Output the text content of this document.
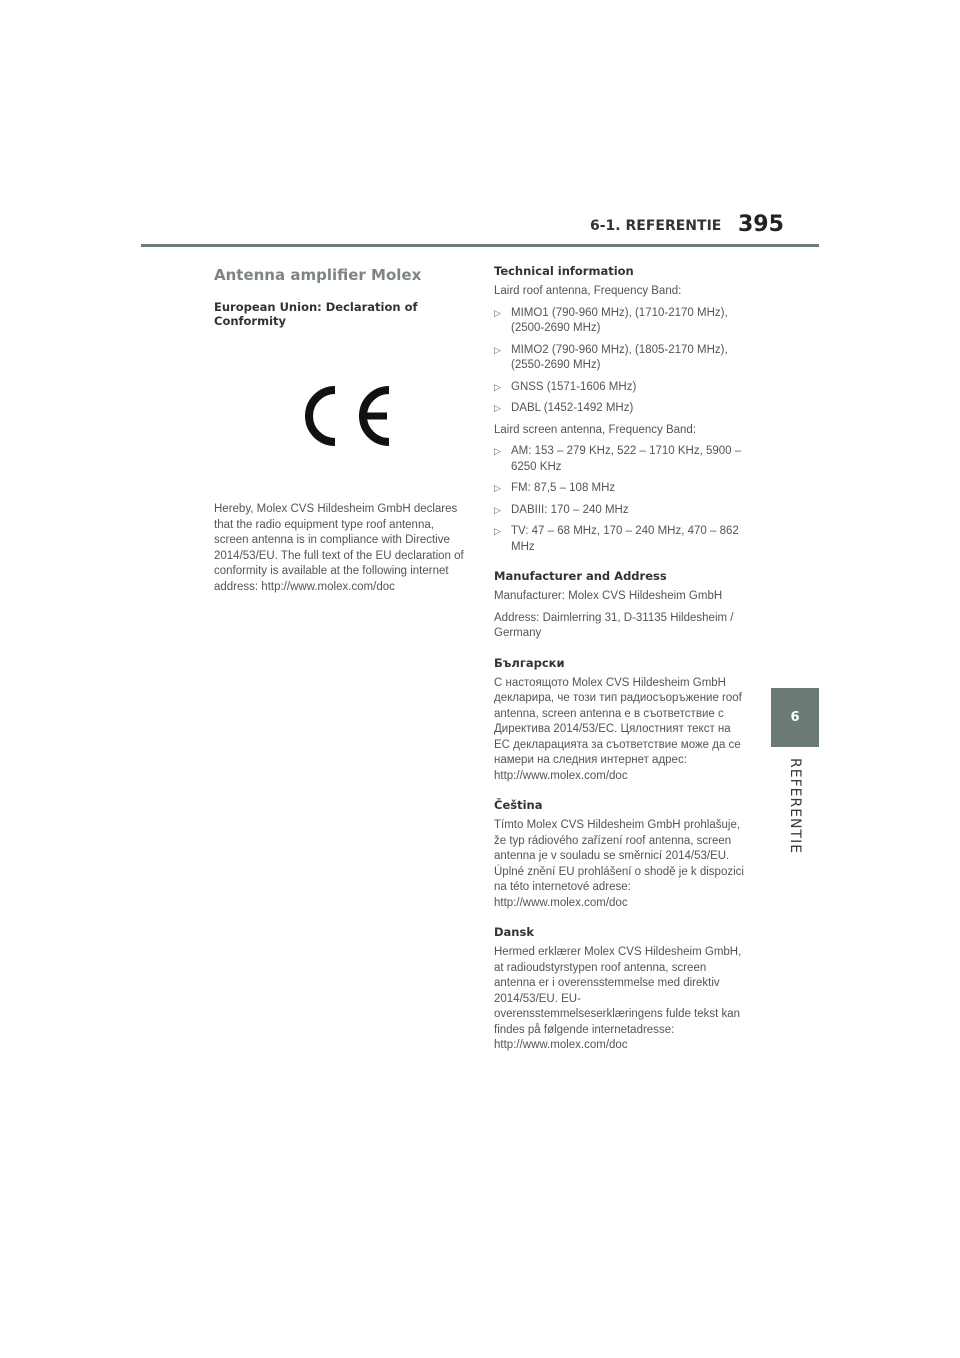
6-1. REFERENTIE 395
6
REFERENTIE
Antenna amplifier Molex
European Union: Declaration of Conformity

Hereby, Molex CVS Hildesheim GmbH declares that the radio equipment type roof antenna, screen antenna is in compliance with Directive 2014/53/EU. The full text of the EU declaration of conformity is available at the following internet address: http://www.molex.com/doc

Technical information

Laird roof antenna, Frequency Band:

▷ MIMO1 (790-960 MHz), (1710-2170 MHz), (2500-2690 MHz)
▷ MIMO2 (790-960 MHz), (1805-2170 MHz), (2550-2690 MHz)
▷ GNSS (1571-1606 MHz)
▷ DABL (1452-1492 MHz)

Laird screen antenna, Frequency Band:

▷ AM: 153 – 279 KHz, 522 – 1710 KHz, 5900 – 6250 KHz
▷ FM: 87,5 – 108 MHz
▷ DABIII: 170 – 240 MHz
▷ TV: 47 – 68 MHz, 170 – 240 MHz, 470 – 862 MHz
Manufacturer and Address

Manufacturer: Molex CVS Hildesheim GmbH

Address: Daimlerring 31, D-31135 Hildesheim / Germany

Български

С настоящото Molex CVS Hildesheim GmbH декларира, че този тип радиосъоръжение roof antenna, screen antenna е в съответствие с Директива 2014/53/ЕС. Цялостният текст на ЕС декларацията за съответствие може да се намери на следния интернет адрес: http://www.molex.com/doc

Čeština

Tímto Molex CVS Hildesheim GmbH prohlašuje, že typ rádiového zařízení roof antenna, screen antenna je v souladu se směrnicí 2014/53/EU. Úplné znění EU prohlášení o shodě je k dispozici na této internetové adrese: http://www.molex.com/doc

Dansk

Hermed erklærer Molex CVS Hildesheim GmbH, at radioudstyrstypen roof antenna, screen antenna er i overensstemmelse med direktiv 2014/53/EU. EU-overensstemmelseserklæringens fulde tekst kan findes på følgende internetadresse: http://www.molex.com/doc
